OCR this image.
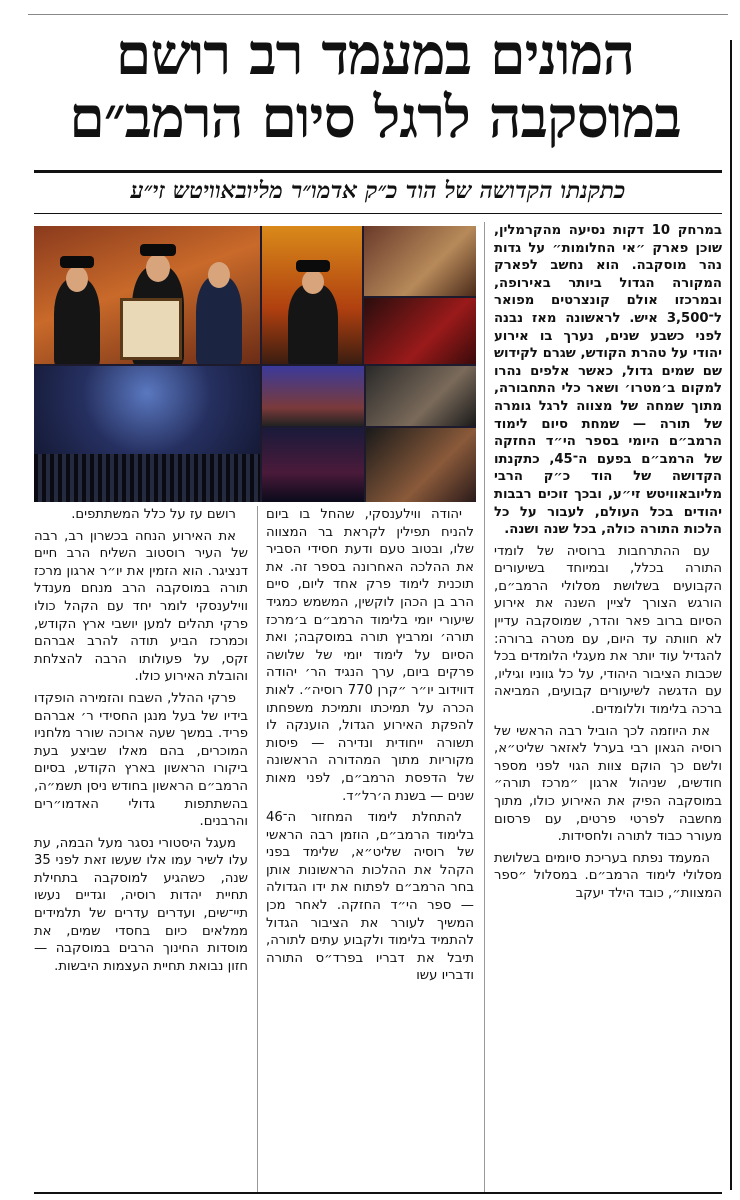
המונים במעמד רב רושם
במוסקבה לרגל סיום הרמב״ם
כתקנתו הקדושה של הוד כ״ק אדמו״ר מליובאוויטש זי״ע

במרחק 10 דקות נסיעה מהקרמלין, שוכן פארק ״אי החלומות״ על גדות נהר מוסקבה. הוא נחשב לפארק המקורה הגדול ביותר באירופה, ובמרכזו אולם קונצרטים מפואר ל־3,500 איש. לראשונה מאז נבנה לפני כשבע שנים, נערך בו אירוע יהודי על טהרת הקודש, שגרם לקידוש שם שמים גדול, כאשר אלפים נהרו למקום ב׳מטרו׳ ושאר כלי התחבורה, מתוך שמחה של מצווה לרגל גומרה של תורה — שמחת סיום לימוד הרמב״ם היומי בספר הי״ד החזקה של הרמב״ם בפעם ה־45, כתקנתו הקדושה של הוד כ״ק הרבי מליובאוויטש זי״ע, ובכך זוכים רבבות יהודים בכל העולם, לעבור על כל הלכות התורה כולה, בכל שנה ושנה.

עם ההתרחבות ברוסיה של לומדי התורה בכלל, ובמיוחד בשיעורים הקבועים בשלושת מסלולי הרמב״ם, הורגש הצורך לציין השנה את אירוע הסיום ברוב פאר והדר, שמוסקבה עדיין לא חוותה עד היום, עם מטרה ברורה: להגדיל עוד יותר את מעגלי הלומדים בכל שכבות הציבור היהודי, על כל גווניו וגיליו, עם הדגשה לשיעורים קבועים, המביאה ברכה בלימוד וללומדים.

את היוזמה לכך הוביל רבה הראשי של רוסיה הגאון רבי בערל לאזאר שליט״א, ולשם כך הוקם צוות הגוי לפני מספר חודשים, שניהול ארגון ״מרכז תורה״ במוסקבה הפיק את האירוע כולו, מתוך מחשבה לפרטי פרטים, עם פרסום מעורר כבוד לתורה ולחסידות.

המעמד נפתח בעריכת סיומים בשלושת מסלולי לימוד הרמב״ם. במסלול ״ספר המצוות״, כובד הילד יעקב

יהודה ווילענסקי, שהחל בו ביום להניח תפילין לקראת בר המצווה שלו, ובטוב טעם ודעת חסידי הסביר את ההלכה האחרונה בספר זה. את תוכנית לימוד פרק אחד ליום, סיים הרב בן הכהן לוקשין, המשמש כמגיד שיעורי יומי בלימוד הרמב״ם ב׳מרכז תורה׳ ומרביץ תורה במוסקבה; ואת הסיום על לימוד יומי של שלושה פרקים ביום, ערך הנגיד הר׳ יהודה דווידוב יו״ר ״קרן 770 רוסיה״. לאות הכרה על תמיכתו ותמיכת משפחתו להפקת האירוע הגדול, הוענקה לו תשורה ייחודית ונדירה — פיסות מקוריות מתוך המהדורה הראשונה של הדפסת הרמב״ם, לפני מאות שנים — בשנת ה׳רל״ד.

להתחלת לימוד המחזור ה־46 בלימוד הרמב״ם, הוזמן רבה הראשי של רוסיה שליט״א, שלימד בפני הקהל את ההלכות הראשונות אותן בחר הרמב״ם לפתוח את ידו הגדולה — ספר הי״ד החזקה. לאחר מכן המשיך לעורר את הציבור הגדול להתמיד בלימוד ולקבוע עתים לתורה, תיבל את דבריו בפרד״ס התורה ודבריו עשו

רושם עז על כלל המשתתפים.

את האירוע הנחה בכשרון רב, רבה של העיר רוסטוב השליח הרב חיים דנציגר. הוא הזמין את יו״ר ארגון מרכז תורה במוסקבה הרב מנחם מענדל ווילענסקי לומר יחד עם הקהל כולו פרקי תהלים למען יושבי ארץ הקודש, וכמרכז הביע תודה להרב אברהם זקס, על פעולותו הרבה להצלחת והובלת האירוע כולו.

פרקי ההלל, השבח והזמירה הופקדו בידיו של בעל מנגן החסידי ר׳ אברהם פריד. במשך שעה ארוכה שורר מלחניו המוכרים, בהם מאלו שביצע בעת ביקורו הראשון בארץ הקודש, בסיום הרמב״ם הראשון בחודש ניסן תשמ״ה, בהשתתפות גדולי האדמו״רים והרבנים.

מעגל היסטורי נסגר מעל הבמה, עת עלו לשיר עמו אלו שעשו זאת לפני 35 שנה, כשהגיע למוסקבה בתחילת תחיית יהדות רוסיה, וגדיים נעשו תיי־שים, ועדרים עדרים של תלמידים ממלאים כיום בחסדי שמים, את מוסדות החינוך הרבים במוסקבה — חזון נבואת תחיית העצמות היבשות.
